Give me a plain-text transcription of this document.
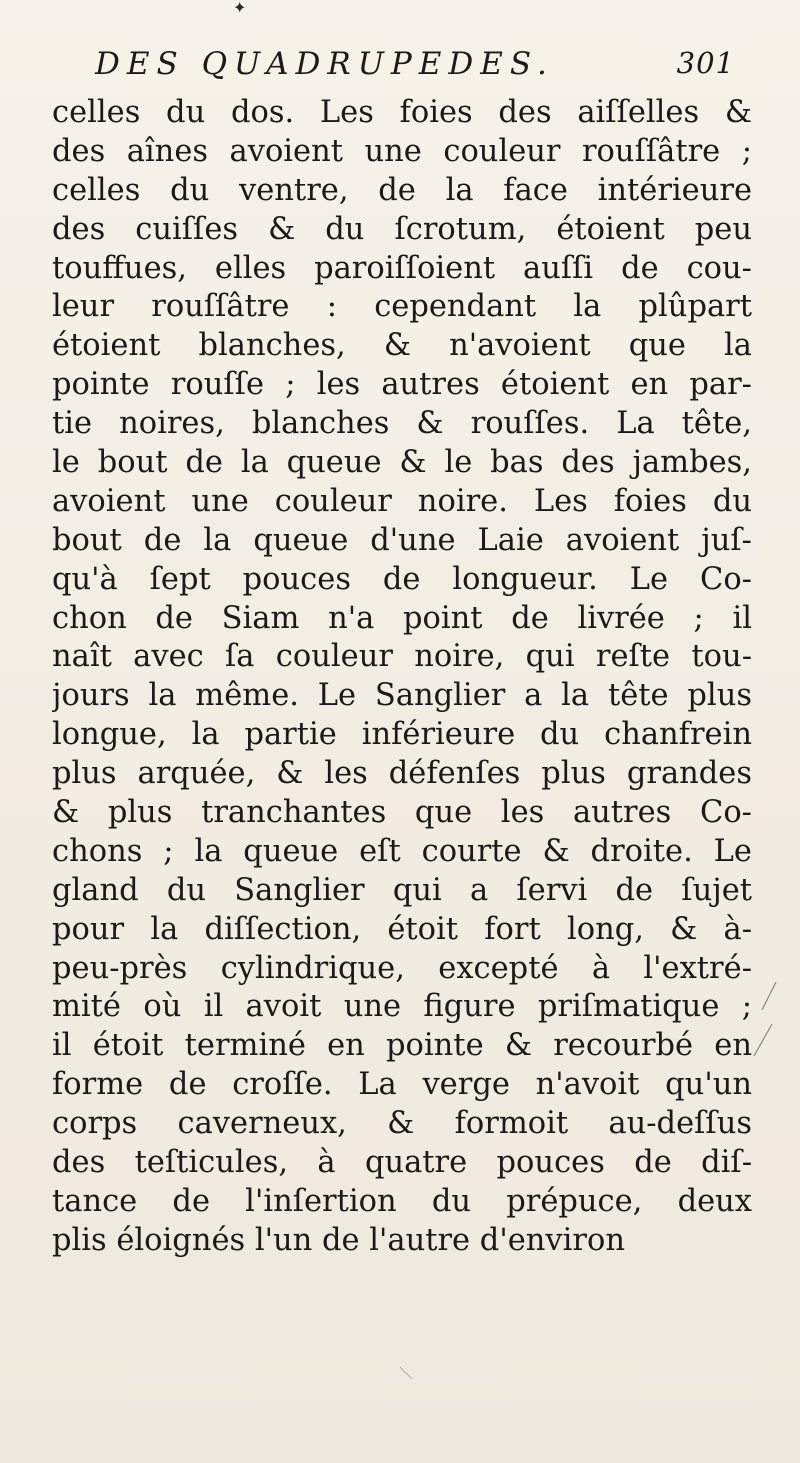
✦
DES QUADRUPEDES.	301
celles du dos. Les foies des aiſſelles &
des aînes avoient une couleur rouſſâtre ;
celles du ventre, de la face intérieure
des cuiſſes & du ſcrotum, étoient peu
touffues, elles paroiſſoient auſſi de cou-
leur rouſſâtre : cependant la plûpart
étoient blanches, & n'avoient que la
pointe rouſſe ; les autres étoient en par-
tie noires, blanches & rouſſes. La tête,
le bout de la queue & le bas des jambes,
avoient une couleur noire. Les foies du
bout de la queue d'une Laie avoient juſ-
qu'à ſept pouces de longueur. Le Co-
chon de Siam n'a point de livrée ; il
naît avec ſa couleur noire, qui reſte tou-
jours la même. Le Sanglier a la tête plus
longue, la partie inférieure du chanfrein
plus arquée, & les défenſes plus grandes
& plus tranchantes que les autres Co-
chons ; la queue eſt courte & droite. Le
gland du Sanglier qui a ſervi de ſujet
pour la diſſection, étoit fort long, & à-
peu-près cylindrique, excepté à l'extré-
mité où il avoit une figure priſmatique ;
il étoit terminé en pointe & recourbé en
forme de croſſe. La verge n'avoit qu'un
corps caverneux, & formoit au-deſſus
des teſticules, à quatre pouces de diſ-
tance de l'inſertion du prépuce, deux
plis éloignés l'un de l'autre d'environ
